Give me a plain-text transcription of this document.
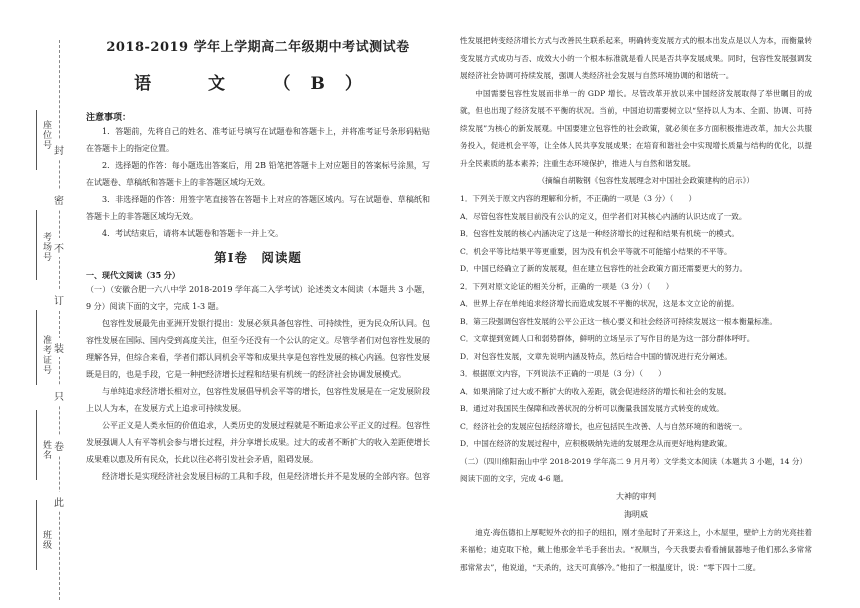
座位号
考场号
准考证号
姓名
班级
封
密
不
订
装
只
卷
此
2018-2019 学年上学期高二年级期中考试测试卷
语　文　（B）
注意事项：

1．答题前，先将自己的姓名、准考证号填写在试题卷和答题卡上，并将准考证号条形码粘贴在答题卡上的指定位置。

2．选择题的作答：每小题选出答案后，用 2B 铅笔把答题卡上对应题目的答案标号涂黑，写在试题卷、草稿纸和答题卡上的非答题区域均无效。

3．非选择题的作答：用签字笔直接答在答题卡上对应的答题区域内。写在试题卷、草稿纸和答题卡上的非答题区域均无效。

4．考试结束后，请将本试题卷和答题卡一并上交。

第Ⅰ卷　阅读题

一、现代文阅读（35 分）

（一）（安徽合肥一六八中学 2018-2019 学年高二入学考试）论述类文本阅读（本题共 3 小题，9 分）阅读下面的文字，完成 1-3 题。

包容性发展最先由亚洲开发银行提出：发展必须具备包容性、可持续性，更为民众所认同。包容性发展在国际、国内受到高度关注，但至今还没有一个公认的定义。尽管学者们对包容性发展的理解各异，但综合来看，学者们都认同机会平等和成果共享是包容性发展的核心内涵。包容性发展既是目的，也是手段，它是一种把经济增长过程和结果有机统一的经济社会协调发展模式。

与单纯追求经济增长相对立，包容性发展倡导机会平等的增长，包容性发展是在一定发展阶段上以人为本，在发展方式上追求可持续发展。

公平正义是人类永恒的价值追求，人类历史的发展过程就是不断追求公平正义的过程。包容性发展强调人人有平等机会参与增长过程，并分享增长成果。过大的或者不断扩大的收入差距使增长成果难以惠及所有民众，长此以往必将引发社会矛盾，阻碍发展。

经济增长是实现经济社会发展目标的工具和手段，但是经济增长并不是发展的全部内容。包容

性发展把转变经济增长方式与改善民生联系起来，明确转变发展方式的根本出发点是以人为本，而衡量转变发展方式成功与否、成效大小的一个根本标准就是看人民是否共享发展成果。同时，包容性发展强调发展经济社会协调可持续发展，强调人类经济社会发展与自然环境协调的和谐统一。

中国需要包容性发展而非单一的 GDP 增长。尽管改革开放以来中国经济发展取得了举世瞩目的成就，但也出现了经济发展不平衡的状况。当前，中国迫切需要树立以“坚持以人为本、全面、协调、可持续发展”为核心的新发展观。中国要建立包容性的社会政策，就必须在多方面积极推进改革，加大公共服务投入，促进机会平等，让全体人民共享发展成果；在培育和谐社会中实现增长质量与结构的优化，以提升全民素质的基本素养；注重生态环境保护，推进人与自然和谐发展。

（摘编自胡鞍钢《包容性发展理念对中国社会政策建构的启示》）

1．下列关于原文内容的理解和分析，不正确的一项是（3 分）（　　）

A．尽管包容性发展目前没有公认的定义，但学者们对其核心内涵的认识达成了一致。

B．包容性发展的核心内涵决定了这是一种经济增长的过程和结果有机统一的模式。

C．机会平等比结果平等更重要，因为没有机会平等就不可能缩小结果的不平等。

D．中国已经确立了新的发展观，但在建立包容性的社会政策方面还需要更大的努力。

2．下列对原文论证的相关分析，正确的一项是（3 分）（　　）

A．世界上存在单纯追求经济增长而造成发展不平衡的状况，这是本文立论的前提。

B．第三段强调包容性发展的公平公正这一核心要义和社会经济可持续发展这一根本衡量标准。

C．文章提到宽阔人口和弱势群体，鲜明的立场呈示了写作目的是为这一部分群体呼吁。

D．对包容性发展，文章先说明内涵及特点，然后结合中国的情况进行充分阐述。

3．根据原文内容，下列说法不正确的一项是（3 分）（　　）

A．如果消除了过大或不断扩大的收入差距，就会促进经济的增长和社会的发展。

B．通过对我国民生保障和改善状况的分析可以衡量我国发展方式转变的成效。

C．经济社会的发展应包括经济增长，也应包括民生改善、人与自然环境的和谐统一。

D．中国在经济的发展过程中，应积极吸纳先进的发展理念从而更好地构建政策。

（二）（四川绵阳南山中学 2018-2019 学年高二 9 月月考）文学类文本阅读（本题共 3 小题，14 分）阅读下面的文字，完成 4-6 题。

大神的审判

海明威

迪克·海伍德扣上厚呢短外衣的扣子的纽扣，刚才坐起时了开来这上，小木屋里，壁炉上方的光亮挂着来福枪；迪克取下枪，戴上他那金羊毛手套出去。“祝顺当，今天我要去看看捕鼠器地子他们那么多常常那常常去”，他说道，“天杀的，这天可真够冷。”他扣了一根温度计，说：“零下四十二度。
